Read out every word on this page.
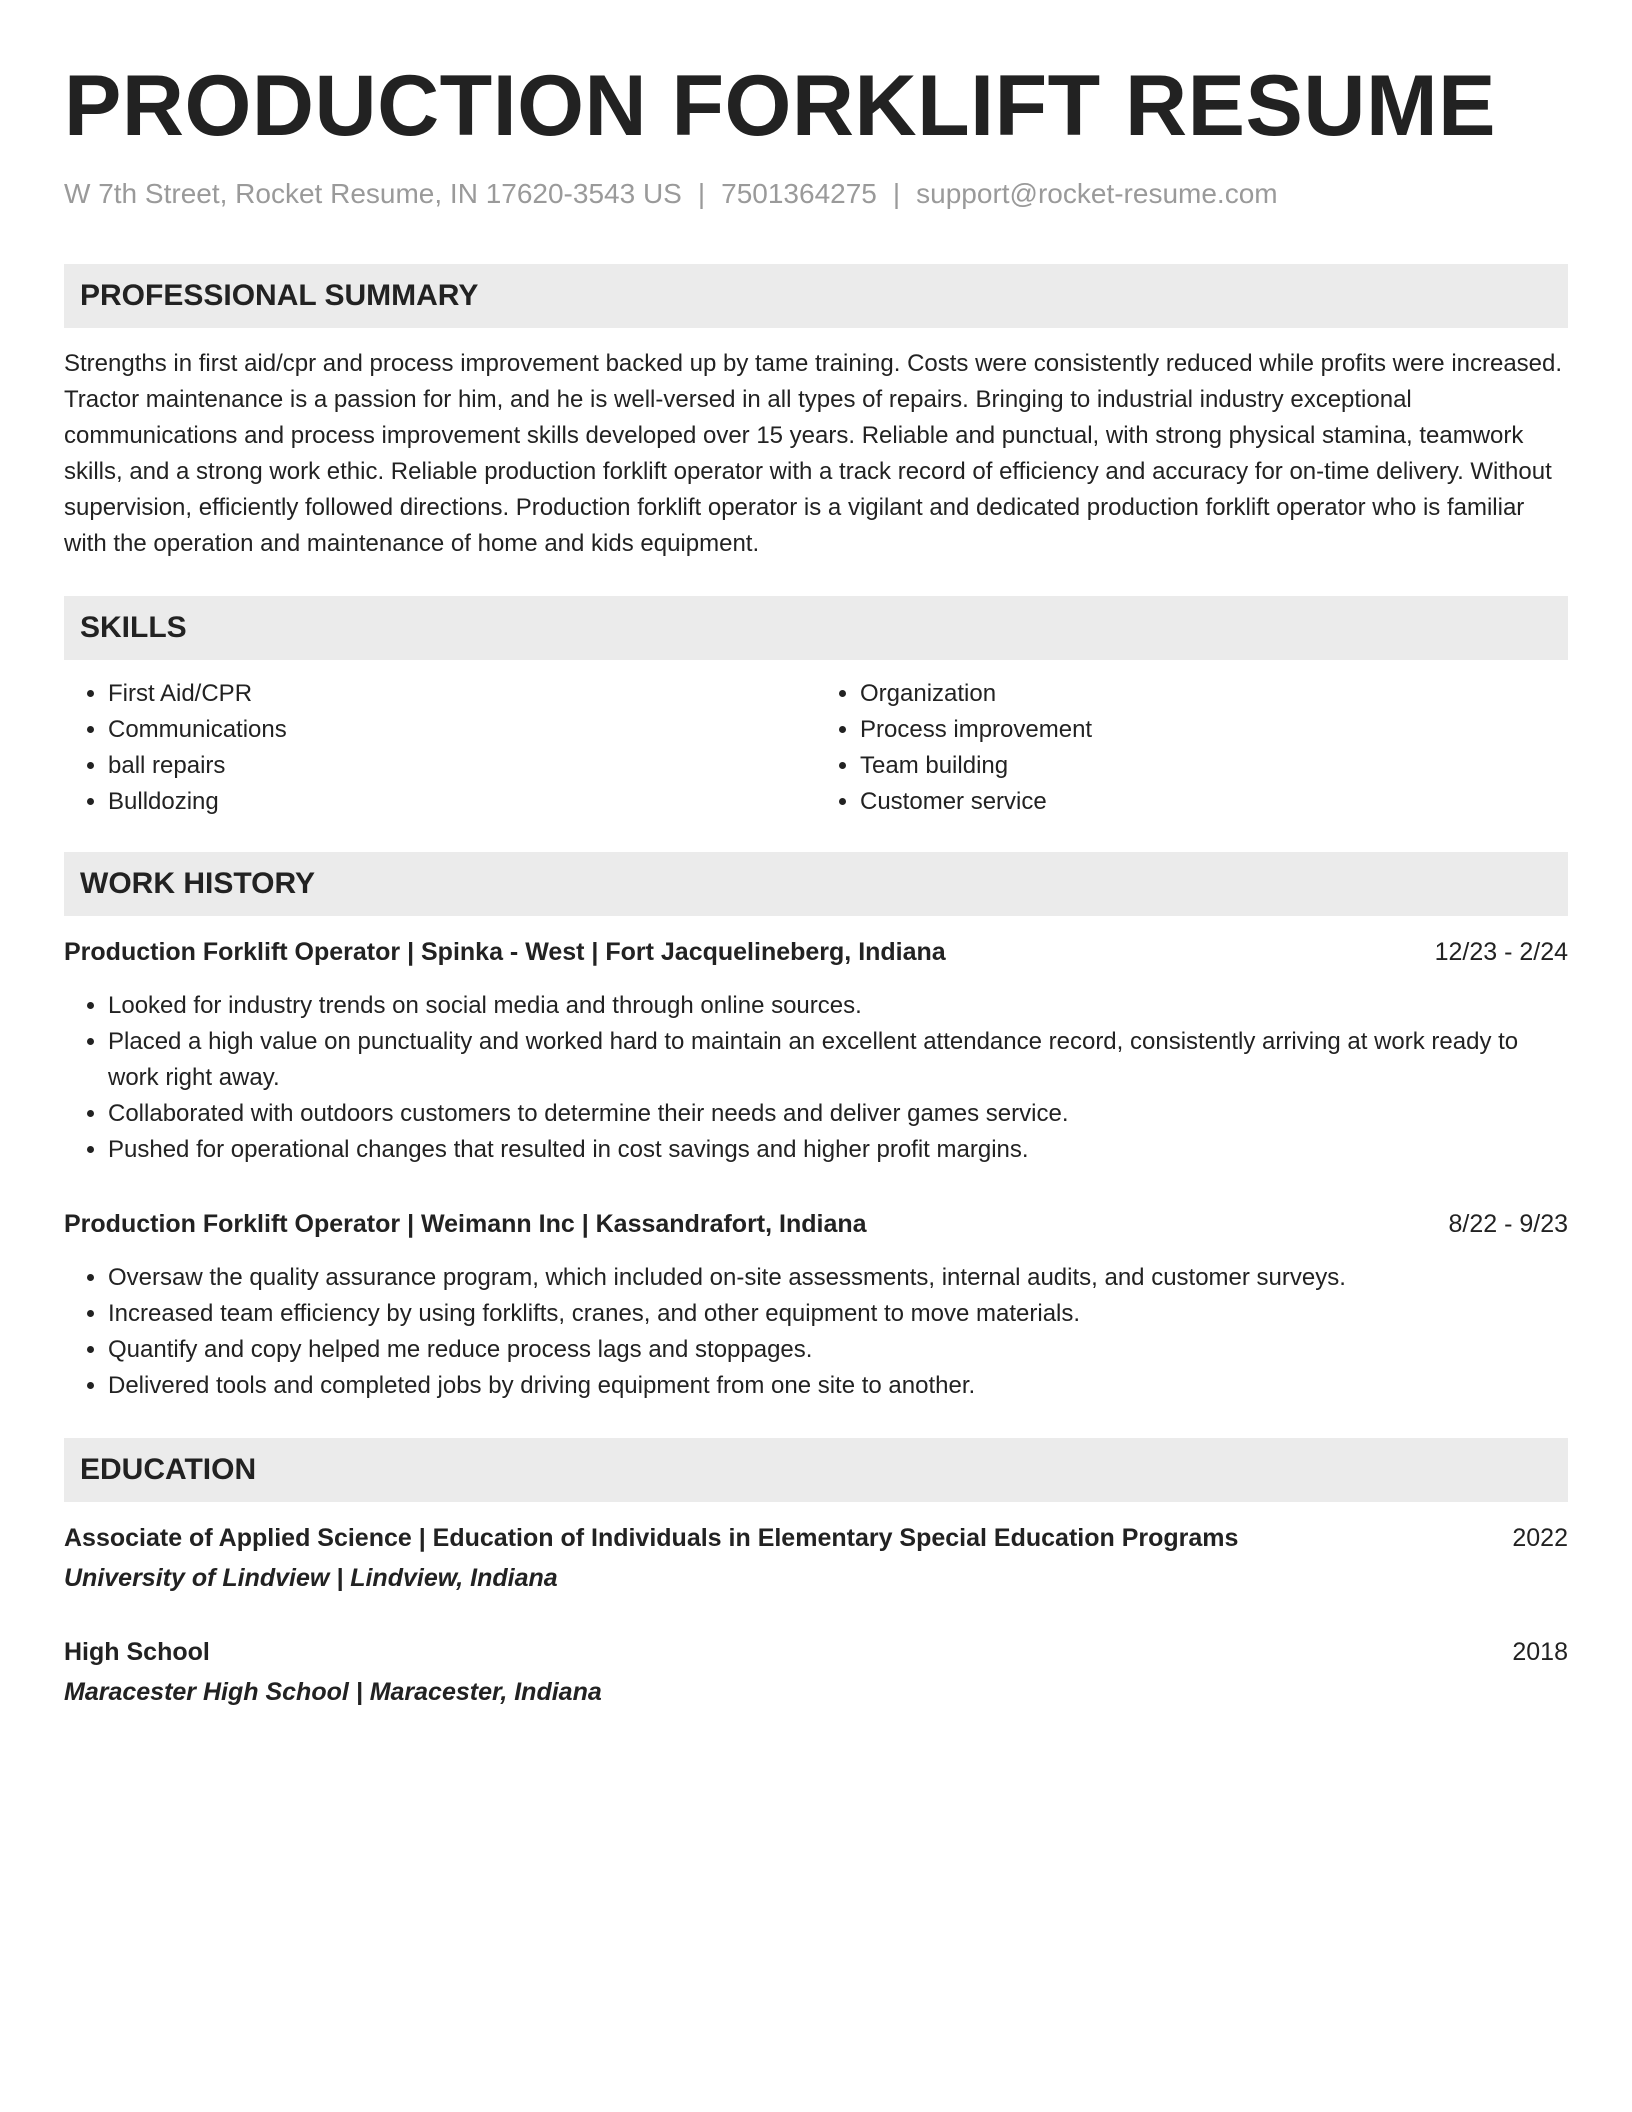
PRODUCTION FORKLIFT RESUME
W 7th Street, Rocket Resume, IN 17620-3543 US | 7501364275 | support@rocket-resume.com
PROFESSIONAL SUMMARY
Strengths in first aid/cpr and process improvement backed up by tame training. Costs were consistently reduced while profits were increased. Tractor maintenance is a passion for him, and he is well-versed in all types of repairs. Bringing to industrial industry exceptional communications and process improvement skills developed over 15 years. Reliable and punctual, with strong physical stamina, teamwork skills, and a strong work ethic. Reliable production forklift operator with a track record of efficiency and accuracy for on-time delivery. Without supervision, efficiently followed directions. Production forklift operator is a vigilant and dedicated production forklift operator who is familiar with the operation and maintenance of home and kids equipment.
SKILLS
• First Aid/CPR
• Communications
• ball repairs
• Bulldozing
• Organization
• Process improvement
• Team building
• Customer service
WORK HISTORY
Production Forklift Operator | Spinka - West | Fort Jacquelineberg, Indiana	12/23 - 2/24
• Looked for industry trends on social media and through online sources.
• Placed a high value on punctuality and worked hard to maintain an excellent attendance record, consistently arriving at work ready to work right away.
• Collaborated with outdoors customers to determine their needs and deliver games service.
• Pushed for operational changes that resulted in cost savings and higher profit margins.
Production Forklift Operator | Weimann Inc | Kassandrafort, Indiana	8/22 - 9/23
• Oversaw the quality assurance program, which included on-site assessments, internal audits, and customer surveys.
• Increased team efficiency by using forklifts, cranes, and other equipment to move materials.
• Quantify and copy helped me reduce process lags and stoppages.
• Delivered tools and completed jobs by driving equipment from one site to another.
EDUCATION
Associate of Applied Science | Education of Individuals in Elementary Special Education Programs	2022
University of Lindview | Lindview, Indiana
High School	2018
Maracester High School | Maracester, Indiana
